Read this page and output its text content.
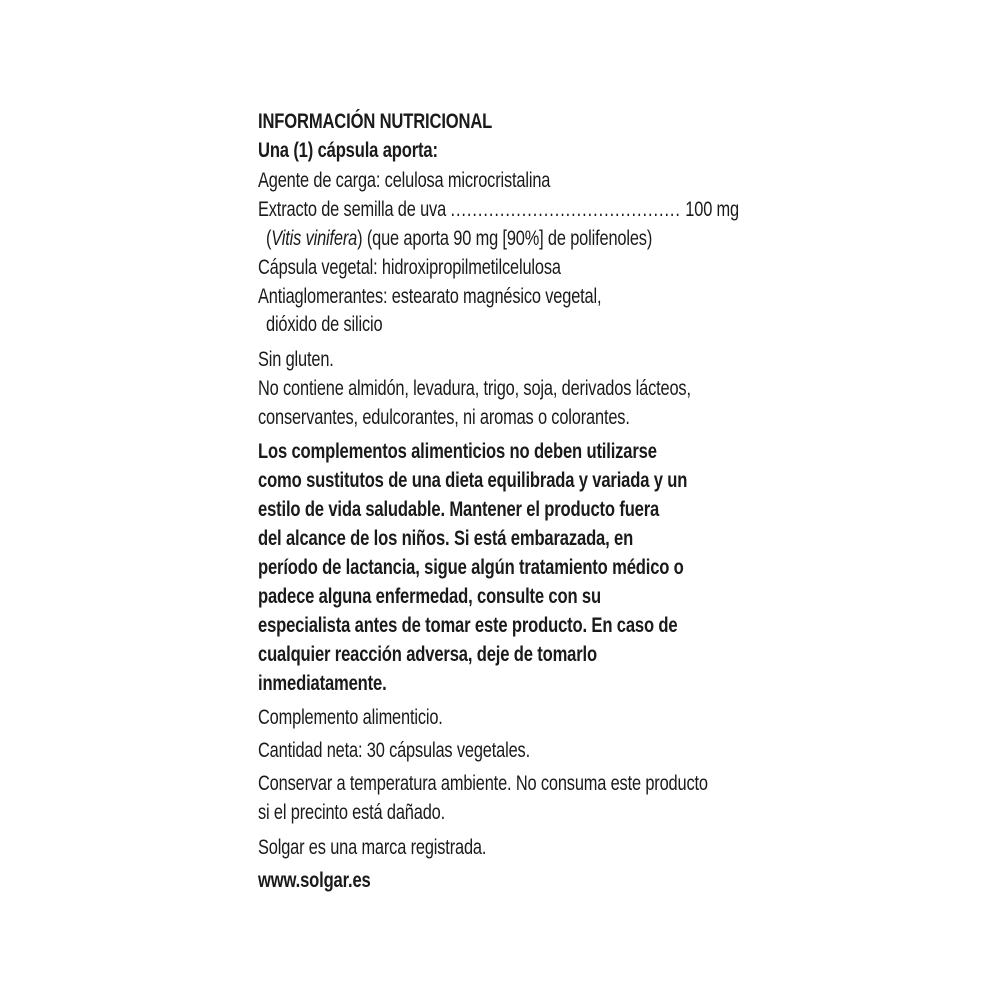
INFORMACIÓN NUTRICIONAL
Una (1) cápsula aporta:
Agente de carga: celulosa microcristalina
Extracto de semilla de uva .......................................... 100 mg
(Vitis vinifera) (que aporta 90 mg [90%] de polifenoles)
Cápsula vegetal: hidroxipropilmetilcelulosa
Antiaglomerantes: estearato magnésico vegetal,
dióxido de silicio
Sin gluten.
No contiene almidón, levadura, trigo, soja, derivados lácteos,
conservantes, edulcorantes, ni aromas o colorantes.
Los complementos alimenticios no deben utilizarse
como sustitutos de una dieta equilibrada y variada y un
estilo de vida saludable. Mantener el producto fuera
del alcance de los niños. Si está embarazada, en
período de lactancia, sigue algún tratamiento médico o
padece alguna enfermedad, consulte con su
especialista antes de tomar este producto. En caso de
cualquier reacción adversa, deje de tomarlo
inmediatamente.
Complemento alimenticio.
Cantidad neta: 30 cápsulas vegetales.
Conservar a temperatura ambiente. No consuma este producto
si el precinto está dañado.
Solgar es una marca registrada.
www.solgar.es
